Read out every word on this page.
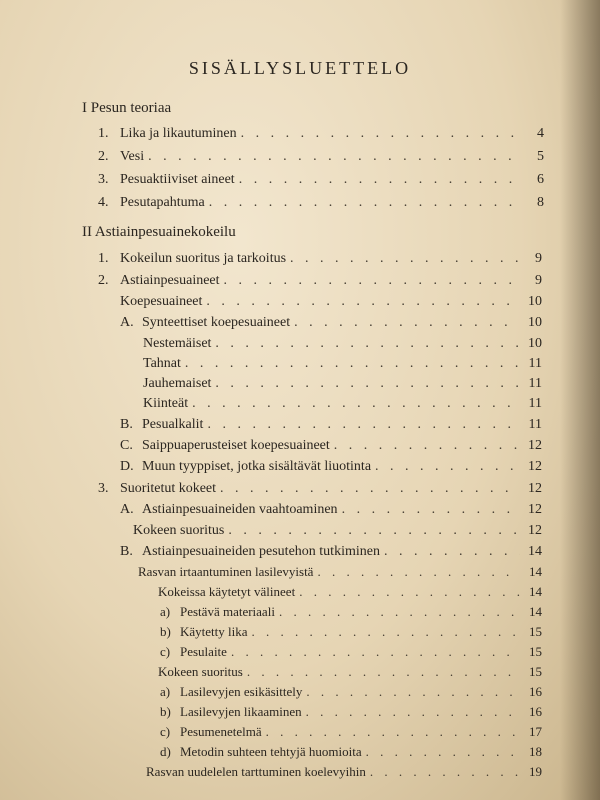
SISÄLLYSLUETTELO
I Pesun teoriaa
1. Lika ja likautuminen . . .	4
2. Vesi . . .	5
3. Pesuaktiiviset aineet . . .	6
4. Pesutapahtuma . . .	8
II Astiainpesuainekokeilu
1. Kokeilun suoritus ja tarkoitus . . .	9
2. Astiainpesuaineet . . .	9
Koepesuaineet . . .	10
A. Synteettiset koepesuaineet . . .	10
Nestemäiset . . .	10
Tahnat . . .	11
Jauhemaiset . . .	11
Kiinteät . . .	11
B. Pesualkalit . . .	11
C. Saippuaperusteiset koepesuaineet . . .	12
D. Muun tyyppiset, jotka sisältävät liuotinta . . .	12
3. Suoritetut kokeet . . .	12
A. Astiainpesuaineiden vaahtoaminen . . .	12
Kokeen suoritus . . .	12
B. Astiainpesuaineiden pesutehon tutkiminen . . .	14
Rasvan irtaantuminen lasilevyistä . . .	14
Kokeissa käytetyt välineet . . .	14
a) Pestävä materiaali . . .	14
b) Käytetty lika . . .	15
c) Pesulaite . . .	15
Kokeen suoritus . . .	15
a) Lasilevyjen esikäsittely . . .	16
b) Lasilevyjen likaaminen . . .	16
c) Pesumenetelmä . . .	17
d) Metodin suhteen tehtyjä huomioita . . .	18
Rasvan uudelelen tarttuminen koelevyihin . . .	19
